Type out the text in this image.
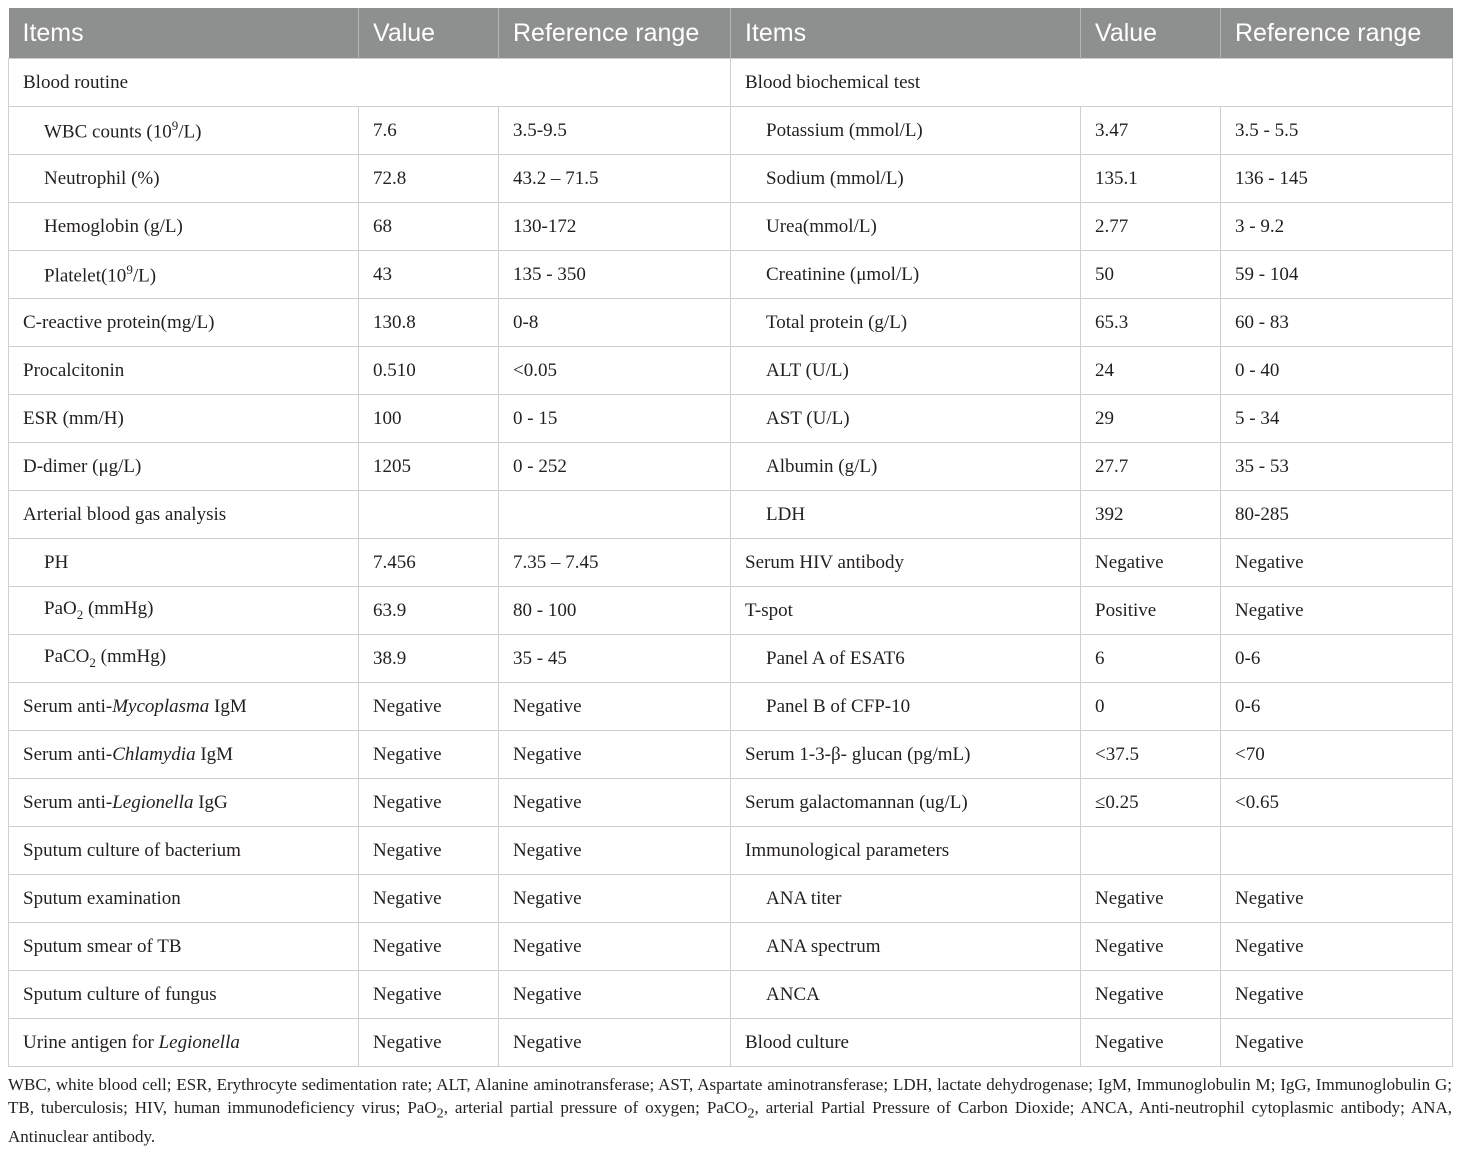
Items	Value	Reference range	Items	Value	Reference range
Blood routine			Blood biochemical test		
WBC counts $(10^9/L)$	7.6	3.5-9.5	Potassium (mmol/L)	3.47	3.5 - 5.5
Neutrophil (%)	72.8	43.2 – 71.5	Sodium (mmol/L)	135.1	136 - 145
Hemoglobin (g/L)	68	130-172	Urea(mmol/L)	2.77	3 - 9.2
$Platelet(10^9/L)$	43	135 - 350	Creatinine (μmol/L)	50	59 - 104
C-reactive protein(mg/L)	130.8	0-8	Total protein (g/L)	65.3	60 - 83
Procalcitonin	0.510	<0.05	ALT (U/L)	24	0 - 40
ESR (mm/H)	100	0 - 15	AST (U/L)	29	5 - 34
D-dimer (μg/L)	1205	0 - 252	Albumin (g/L)	27.7	35 - 53
Arterial blood gas analysis			LDH	392	80-285
PH	7.456	7.35 – 7.45	Serum HIV antibody	Negative	Negative
PaO$_2$ (mmHg)	63.9	80 - 100	T-spot	Positive	Negative
PaCO$_2$ (mmHg)	38.9	35 - 45	Panel A of ESAT6	6	0-6
Serum anti-Mycoplasma IgM	Negative	Negative	Panel B of CFP-10	0	0-6
Serum anti-Chlamydia IgM	Negative	Negative	Serum 1-3-β- glucan (pg/mL)	<37.5	<70
Serum anti-Legionella IgG	Negative	Negative	Serum galactomannan (ug/L)	≤0.25	<0.65
Sputum culture of bacterium	Negative	Negative	Immunological parameters		
Sputum examination	Negative	Negative	ANA titer	Negative	Negative
Sputum smear of TB	Negative	Negative	ANA spectrum	Negative	Negative
Sputum culture of fungus	Negative	Negative	ANCA	Negative	Negative
Urine antigen for Legionella	Negative	Negative	Blood culture	Negative	Negative

WBC, white blood cell; ESR, Erythrocyte sedimentation rate; ALT, Alanine aminotransferase; AST, Aspartate aminotransferase; LDH, lactate dehydrogenase; IgM, Immunoglobulin M; IgG, Immunoglobulin G; TB, tuberculosis; HIV, human immunodeficiency virus; PaO$_2$, arterial partial pressure of oxygen; PaCO$_2$, arterial Partial Pressure of Carbon Dioxide; ANCA, Anti-neutrophil cytoplasmic antibody; ANA, Antinuclear antibody.
